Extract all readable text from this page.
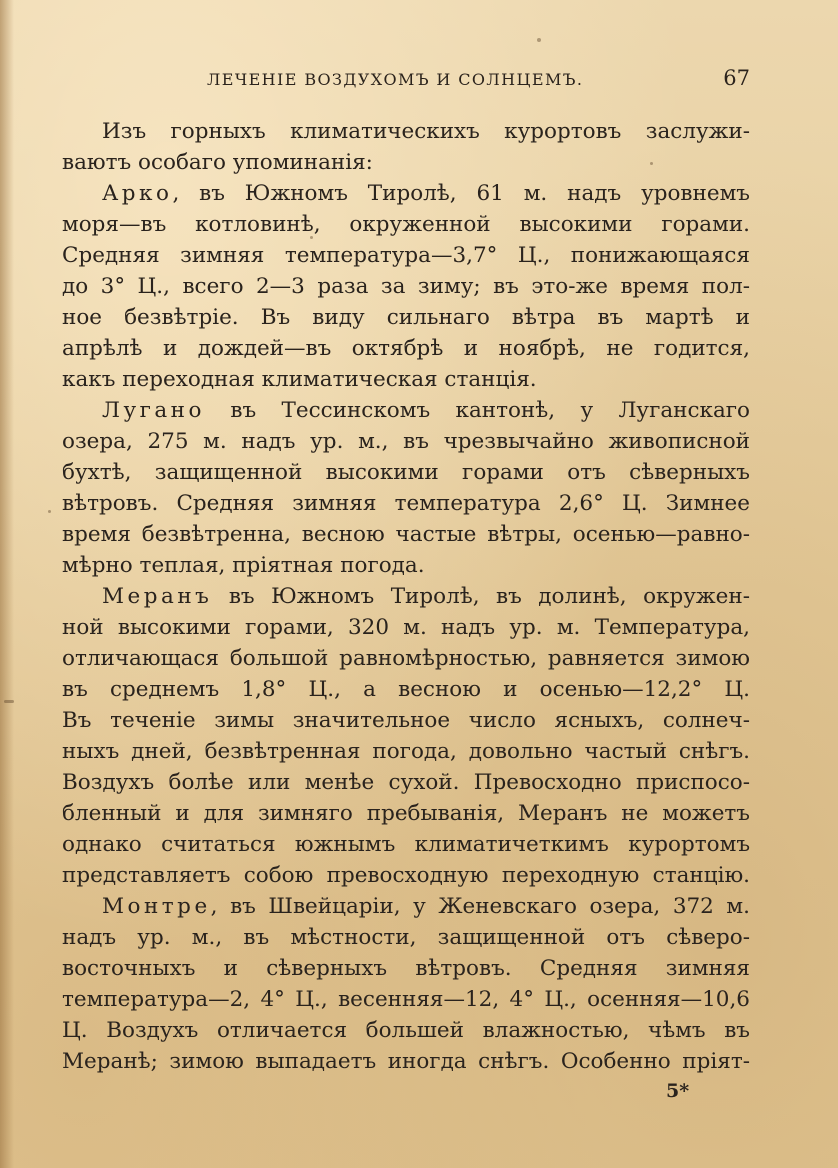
ЛЕЧЕНІЕ ВОЗДУХОМЪ И СОЛНЦЕМЪ.	67
Изъ горныхъ климатическихъ курортовъ заслужи-
ваютъ особаго упоминанія:
Арко, въ Южномъ Тиролѣ, 61 м. надъ уровнемъ
моря—въ котловинѣ, окруженной высокими горами.
Средняя зимняя температура—3,7° Ц., понижающаяся
до 3° Ц., всего 2—3 раза за зиму; въ это-же время пол-
ное безвѣтріе. Въ виду сильнаго вѣтра въ мартѣ и
апрѣлѣ и дождей—въ октябрѣ и ноябрѣ, не годится,
какъ переходная климатическая станція.
Лугано въ Тессинскомъ кантонѣ, у Луганскаго
озера, 275 м. надъ ур. м., въ чрезвычайно живописной
бухтѣ, защищенной высокими горами отъ сѣверныхъ
вѣтровъ. Средняя зимняя температура 2,6° Ц. Зимнее
время безвѣтренна, весною частые вѣтры, осенью—равно-
мѣрно теплая, пріятная погода.
Меранъ въ Южномъ Тиролѣ, въ долинѣ, окружен-
ной высокими горами, 320 м. надъ ур. м. Температура,
отличающася большой равномѣрностью, равняется зимою
въ среднемъ 1,8° Ц., а весною и осенью—12,2° Ц.
Въ теченіе зимы значительное число ясныхъ, солнеч-
ныхъ дней, безвѣтренная погода, довольно частый снѣгъ.
Воздухъ болѣе или менѣе сухой. Превосходно приспосо-
бленный и для зимняго пребыванія, Меранъ не можетъ
однако считаться южнымъ климатичеткимъ курортомъ
представляетъ собою превосходную переходную станцію.
Монтре, въ Швейцаріи, у Женевскаго озера, 372 м.
надъ ур. м., въ мѣстности, защищенной отъ сѣверо-
восточныхъ и сѣверныхъ вѣтровъ. Средняя зимняя
температура—2, 4° Ц., весенняя—12, 4° Ц., осенняя—10,6
Ц. Воздухъ отличается большей влажностью, чѣмъ въ
Меранѣ; зимою выпадаетъ иногда снѣгъ. Особенно пріят-
5*
